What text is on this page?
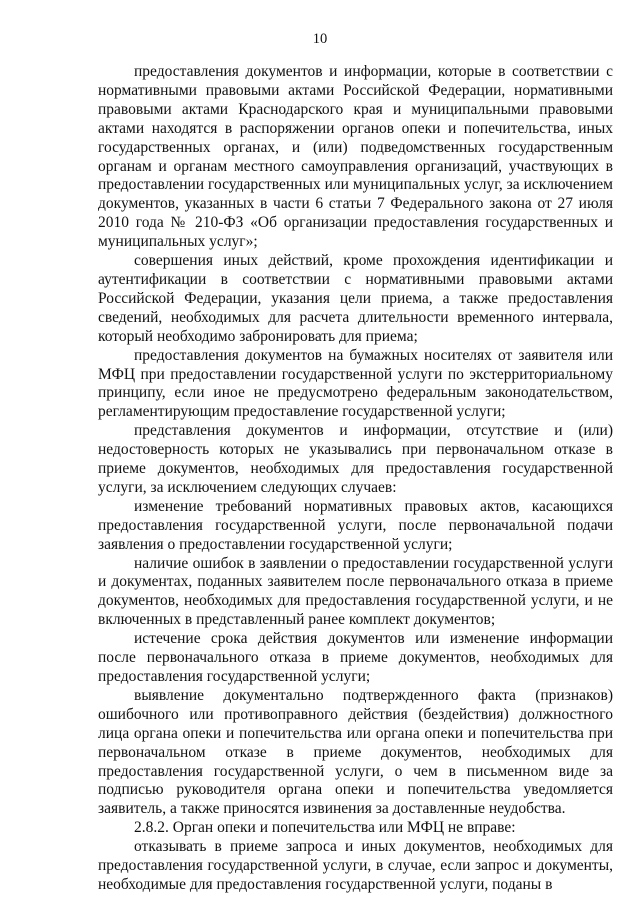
10

предоставления документов и информации, которые в соответствии с нормативными правовыми актами Российской Федерации, нормативными правовыми актами Краснодарского края и муниципальными правовыми актами находятся в распоряжении органов опеки и попечительства, иных государственных органах, и (или) подведомственных государственным органам и органам местного самоуправления организаций, участвующих в предоставлении государственных или муниципальных услуг, за исключением документов, указанных в части 6 статьи 7 Федерального закона от 27 июля 2010 года № 210-ФЗ «Об организации предоставления государственных и муниципальных услуг»;

совершения иных действий, кроме прохождения идентификации и аутентификации в соответствии с нормативными правовыми актами Российской Федерации, указания цели приема, а также предоставления сведений, необходимых для расчета длительности временного интервала, который необходимо забронировать для приема;

предоставления документов на бумажных носителях от заявителя или МФЦ при предоставлении государственной услуги по экстерриториальному принципу, если иное не предусмотрено федеральным законодательством, регламентирующим предоставление государственной услуги;

представления документов и информации, отсутствие и (или) недостоверность которых не указывались при первоначальном отказе в приеме документов, необходимых для предоставления государственной услуги, за исключением следующих случаев:

изменение требований нормативных правовых актов, касающихся предоставления государственной услуги, после первоначальной подачи заявления о предоставлении государственной услуги;

наличие ошибок в заявлении о предоставлении государственной услуги и документах, поданных заявителем после первоначального отказа в приеме документов, необходимых для предоставления государственной услуги, и не включенных в представленный ранее комплект документов;

истечение срока действия документов или изменение информации после первоначального отказа в приеме документов, необходимых для предоставления государственной услуги;

выявление документально подтвержденного факта (признаков) ошибочного или противоправного действия (бездействия) должностного лица органа опеки и попечительства или органа опеки и попечительства при первоначальном отказе в приеме документов, необходимых для предоставления государственной услуги, о чем в письменном виде за подписью руководителя органа опеки и попечительства уведомляется заявитель, а также приносятся извинения за доставленные неудобства.

2.8.2. Орган опеки и попечительства или МФЦ не вправе:

отказывать в приеме запроса и иных документов, необходимых для предоставления государственной услуги, в случае, если запрос и документы, необходимые для предоставления государственной услуги, поданы в
